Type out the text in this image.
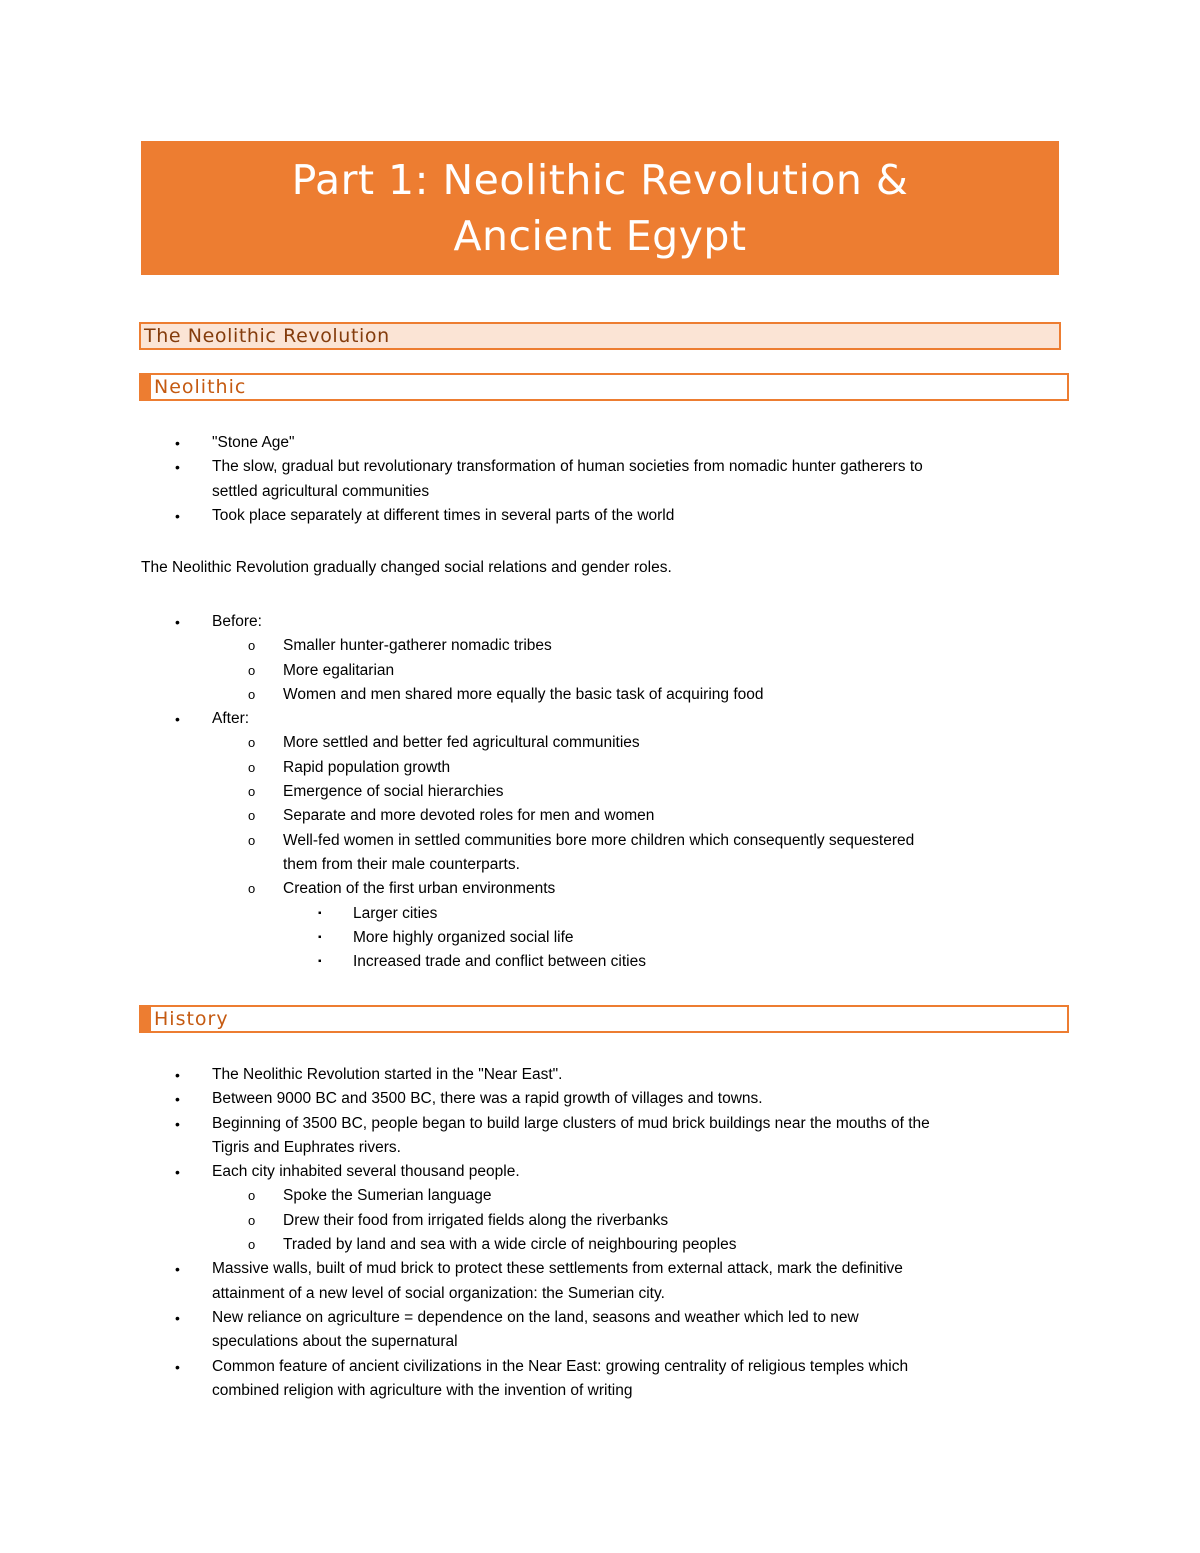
Part 1: Neolithic Revolution &
Ancient Egypt
The Neolithic Revolution
Neolithic
• "Stone Age"
• The slow, gradual but revolutionary transformation of human societies from nomadic hunter gatherers to
settled agricultural communities
• Took place separately at different times in several parts of the world
The Neolithic Revolution gradually changed social relations and gender roles.
• Before:
o Smaller hunter-gatherer nomadic tribes
o More egalitarian
o Women and men shared more equally the basic task of acquiring food
• After:
o More settled and better fed agricultural communities
o Rapid population growth
o Emergence of social hierarchies
o Separate and more devoted roles for men and women
o Well-fed women in settled communities bore more children which consequently sequestered
them from their male counterparts.
o Creation of the first urban environments
▪ Larger cities
▪ More highly organized social life
▪ Increased trade and conflict between cities
History
• The Neolithic Revolution started in the "Near East".
• Between 9000 BC and 3500 BC, there was a rapid growth of villages and towns.
• Beginning of 3500 BC, people began to build large clusters of mud brick buildings near the mouths of the
Tigris and Euphrates rivers.
• Each city inhabited several thousand people.
o Spoke the Sumerian language
o Drew their food from irrigated fields along the riverbanks
o Traded by land and sea with a wide circle of neighbouring peoples
• Massive walls, built of mud brick to protect these settlements from external attack, mark the definitive
attainment of a new level of social organization: the Sumerian city.
• New reliance on agriculture = dependence on the land, seasons and weather which led to new
speculations about the supernatural
• Common feature of ancient civilizations in the Near East: growing centrality of religious temples which
combined religion with agriculture with the invention of writing
